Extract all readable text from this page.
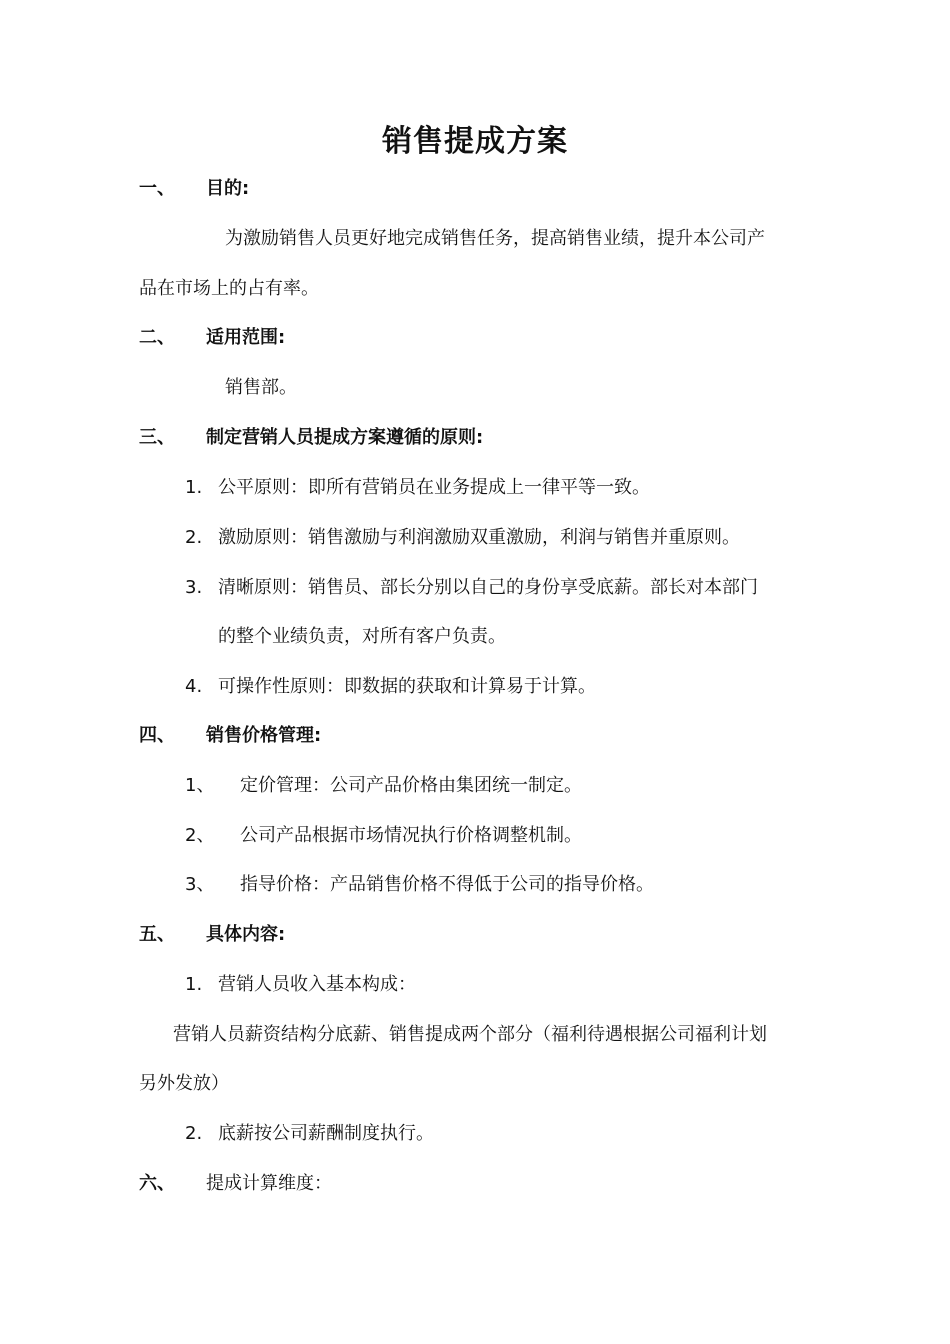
销售提成方案
一、 目的:
为激励销售人员更好地完成销售任务，提高销售业绩，提升本公司产
品在市场上的占有率。
二、 适用范围:
销售部。
三、 制定营销人员提成方案遵循的原则:
1. 公平原则：即所有营销员在业务提成上一律平等一致。
2. 激励原则：销售激励与利润激励双重激励，利润与销售并重原则。
3. 清晰原则：销售员、部长分别以自己的身份享受底薪。部长对本部门
的整个业绩负责，对所有客户负责。
4. 可操作性原则：即数据的获取和计算易于计算。
四、 销售价格管理:
1、 定价管理：公司产品价格由集团统一制定。
2、 公司产品根据市场情况执行价格调整机制。
3、 指导价格：产品销售价格不得低于公司的指导价格。
五、 具体内容:
1. 营销人员收入基本构成：
营销人员薪资结构分底薪、销售提成两个部分（福利待遇根据公司福利计划
另外发放）
2. 底薪按公司薪酬制度执行。
六、 提成计算维度：
